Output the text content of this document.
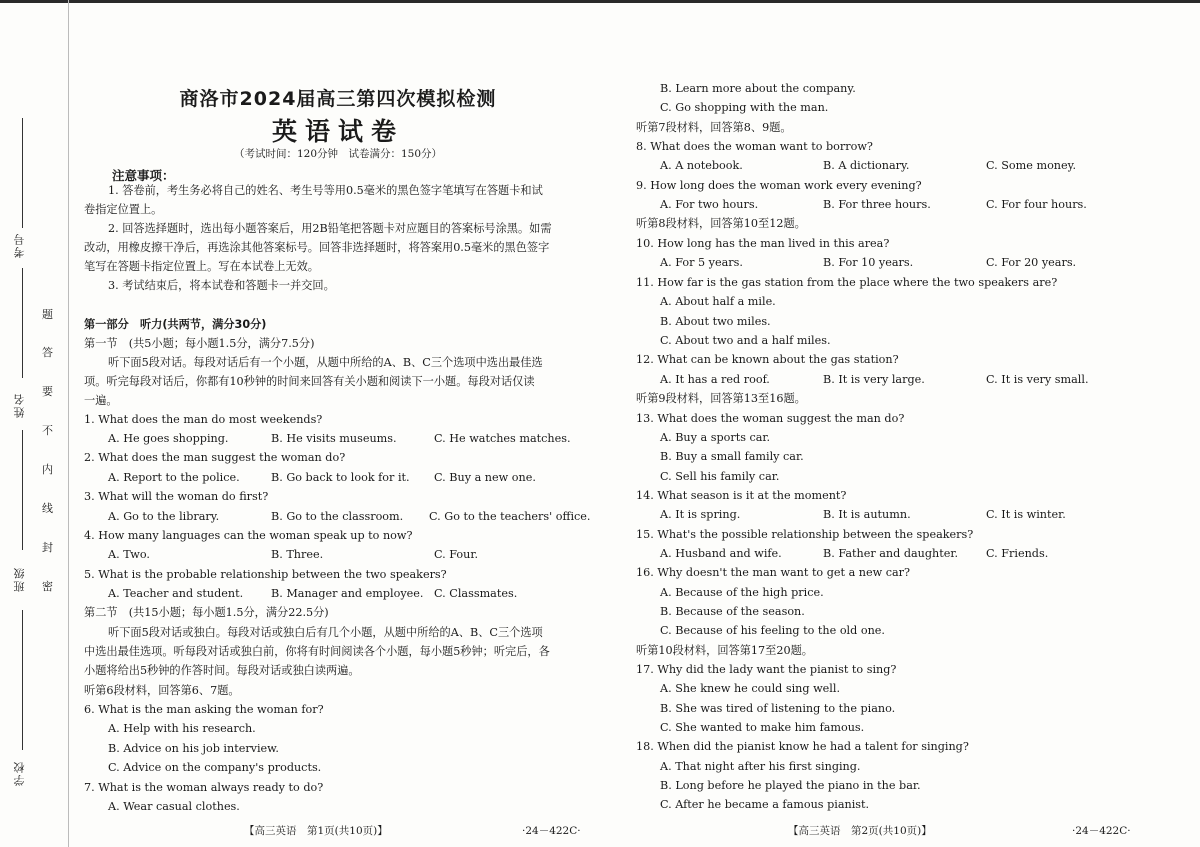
考号
姓名
班级
学校
题
答
要
不
内
线
封
密
商洛市2024届高三第四次模拟检测
英语试卷
（考试时间：120分钟　试卷满分：150分）
注意事项：
1. 答卷前，考生务必将自己的姓名、考生号等用0.5毫米的黑色签字笔填写在答题卡和试
卷指定位置上。
2. 回答选择题时，选出每小题答案后，用2B铅笔把答题卡对应题目的答案标号涂黑。如需
改动，用橡皮擦干净后，再选涂其他答案标号。回答非选择题时，将答案用0.5毫米的黑色签字
笔写在答题卡指定位置上。写在本试卷上无效。
3. 考试结束后，将本试卷和答题卡一并交回。
第一部分　听力(共两节，满分30分)
第一节　(共5小题；每小题1.5分，满分7.5分)
听下面5段对话。每段对话后有一个小题，从题中所给的A、B、C三个选项中选出最佳选
项。听完每段对话后，你都有10秒钟的时间来回答有关小题和阅读下一小题。每段对话仅读
一遍。
1. What does the man do most weekends?
A. He goes shopping.	B. He visits museums.	C. He watches matches.
2. What does the man suggest the woman do?
A. Report to the police.	B. Go back to look for it. C. Buy a new one.
3. What will the woman do first?
A. Go to the library.	B. Go to the classroom. C. Go to the teachers' office.
4. How many languages can the woman speak up to now?
A. Two.	B. Three.	C. Four.
5. What is the probable relationship between the two speakers?
A. Teacher and student. B. Manager and employee. C. Classmates.
第二节　(共15小题；每小题1.5分，满分22.5分)
听下面5段对话或独白。每段对话或独白后有几个小题，从题中所给的A、B、C三个选项
中选出最佳选项。听每段对话或独白前，你将有时间阅读各个小题，每小题5秒钟；听完后，各
小题将给出5秒钟的作答时间。每段对话或独白读两遍。
听第6段材料，回答第6、7题。
6. What is the man asking the woman for?
A. Help with his research.
B. Advice on his job interview.
C. Advice on the company's products.
7. What is the woman always ready to do?
A. Wear casual clothes.
【高三英语　第1页(共10页)】	·24－422C·
B. Learn more about the company.
C. Go shopping with the man.
听第7段材料，回答第8、9题。
8. What does the woman want to borrow?
A. A notebook.	B. A dictionary.	C. Some money.
9. How long does the woman work every evening?
A. For two hours.	B. For three hours.	C. For four hours.
听第8段材料，回答第10至12题。
10. How long has the man lived in this area?
A. For 5 years.	B. For 10 years.	C. For 20 years.
11. How far is the gas station from the place where the two speakers are?
A. About half a mile.
B. About two miles.
C. About two and a half miles.
12. What can be known about the gas station?
A. It has a red roof.	B. It is very large.	C. It is very small.
听第9段材料，回答第13至16题。
13. What does the woman suggest the man do?
A. Buy a sports car.
B. Buy a small family car.
C. Sell his family car.
14. What season is it at the moment?
A. It is spring.	B. It is autumn.	C. It is winter.
15. What's the possible relationship between the speakers?
A. Husband and wife.	B. Father and daughter. C. Friends.
16. Why doesn't the man want to get a new car?
A. Because of the high price.
B. Because of the season.
C. Because of his feeling to the old one.
听第10段材料，回答第17至20题。
17. Why did the lady want the pianist to sing?
A. She knew he could sing well.
B. She was tired of listening to the piano.
C. She wanted to make him famous.
18. When did the pianist know he had a talent for singing?
A. That night after his first singing.
B. Long before he played the piano in the bar.
C. After he became a famous pianist.
【高三英语　第2页(共10页)】	·24－422C·
